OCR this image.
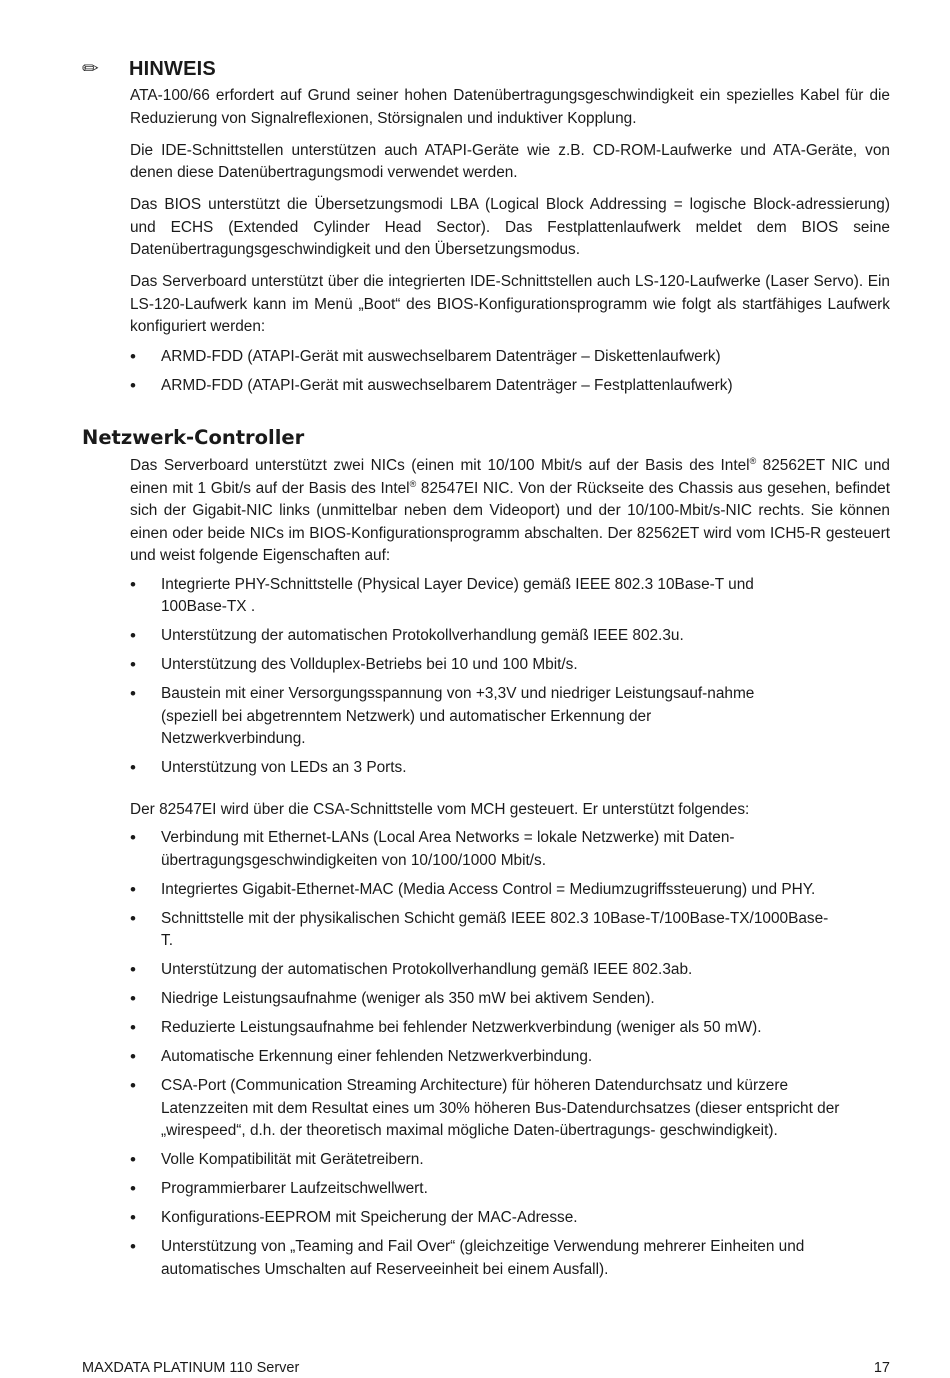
✏ HINWEIS

ATA-100/66 erfordert auf Grund seiner hohen Datenübertragungsgeschwindigkeit ein spezielles Kabel für die Reduzierung von Signalreflexionen, Störsignalen und induktiver Kopplung.

Die IDE-Schnittstellen unterstützen auch ATAPI-Geräte wie z.B. CD-ROM-Laufwerke und ATA-Geräte, von denen diese Datenübertragungsmodi verwendet werden.

Das BIOS unterstützt die Übersetzungsmodi LBA (Logical Block Addressing = logische Block-adressierung) und ECHS (Extended Cylinder Head Sector). Das Festplattenlaufwerk meldet dem BIOS seine Datenübertragungsgeschwindigkeit und den Übersetzungsmodus.

Das Serverboard unterstützt über die integrierten IDE-Schnittstellen auch LS-120-Laufwerke (Laser Servo). Ein LS-120-Laufwerk kann im Menü „Boot“ des BIOS-Konfigurationsprogramm wie folgt als startfähiges Laufwerk konfiguriert werden:

• ARMD-FDD (ATAPI-Gerät mit auswechselbarem Datenträger – Diskettenlaufwerk)
• ARMD-FDD (ATAPI-Gerät mit auswechselbarem Datenträger – Festplattenlaufwerk)
Netzwerk-Controller

Das Serverboard unterstützt zwei NICs (einen mit 10/100 Mbit/s auf der Basis des Intel® 82562ET NIC und einen mit 1 Gbit/s auf der Basis des Intel® 82547EI NIC. Von der Rückseite des Chassis aus gesehen, befindet sich der Gigabit-NIC links (unmittelbar neben dem Videoport) und der 10/100-Mbit/s-NIC rechts. Sie können einen oder beide NICs im BIOS-Konfigurationsprogramm abschalten. Der 82562ET wird vom ICH5-R gesteuert und weist folgende Eigenschaften auf:

• Integrierte PHY-Schnittstelle (Physical Layer Device) gemäß IEEE 802.3 10Base-T und 100Base-TX .
• Unterstützung der automatischen Protokollverhandlung gemäß IEEE 802.3u.
• Unterstützung des Vollduplex-Betriebs bei 10 und 100 Mbit/s.
• Baustein mit einer Versorgungsspannung von +3,3V und niedriger Leistungsauf-nahme (speziell bei abgetrenntem Netzwerk) und automatischer Erkennung der Netzwerkverbindung.
• Unterstützung von LEDs an 3 Ports.

Der 82547EI wird über die CSA-Schnittstelle vom MCH gesteuert. Er unterstützt folgendes:

• Verbindung mit Ethernet-LANs (Local Area Networks = lokale Netzwerke) mit Daten-übertragungsgeschwindigkeiten von 10/100/1000 Mbit/s.
• Integriertes Gigabit-Ethernet-MAC (Media Access Control = Mediumzugriffssteuerung) und PHY.
• Schnittstelle mit der physikalischen Schicht gemäß IEEE 802.3 10Base-T/100Base-TX/1000Base-T.
• Unterstützung der automatischen Protokollverhandlung gemäß IEEE 802.3ab.
• Niedrige Leistungsaufnahme (weniger als 350 mW bei aktivem Senden).
• Reduzierte Leistungsaufnahme bei fehlender Netzwerkverbindung (weniger als 50 mW).
• Automatische Erkennung einer fehlenden Netzwerkverbindung.
• CSA-Port (Communication Streaming Architecture) für höheren Datendurchsatz und kürzere Latenzzeiten mit dem Resultat eines um 30% höheren Bus-Datendurchsatzes (dieser entspricht der „wirespeed“, d.h. der theoretisch maximal mögliche Daten-übertragungs- geschwindigkeit).
• Volle Kompatibilität mit Gerätetreibern.
• Programmierbarer Laufzeitschwellwert.
• Konfigurations-EEPROM mit Speicherung der MAC-Adresse.
• Unterstützung von „Teaming and Fail Over“ (gleichzeitige Verwendung mehrerer Einheiten und automatisches Umschalten auf Reserveeinheit bei einem Ausfall).
MAXDATA PLATINUM 110 Server	17
